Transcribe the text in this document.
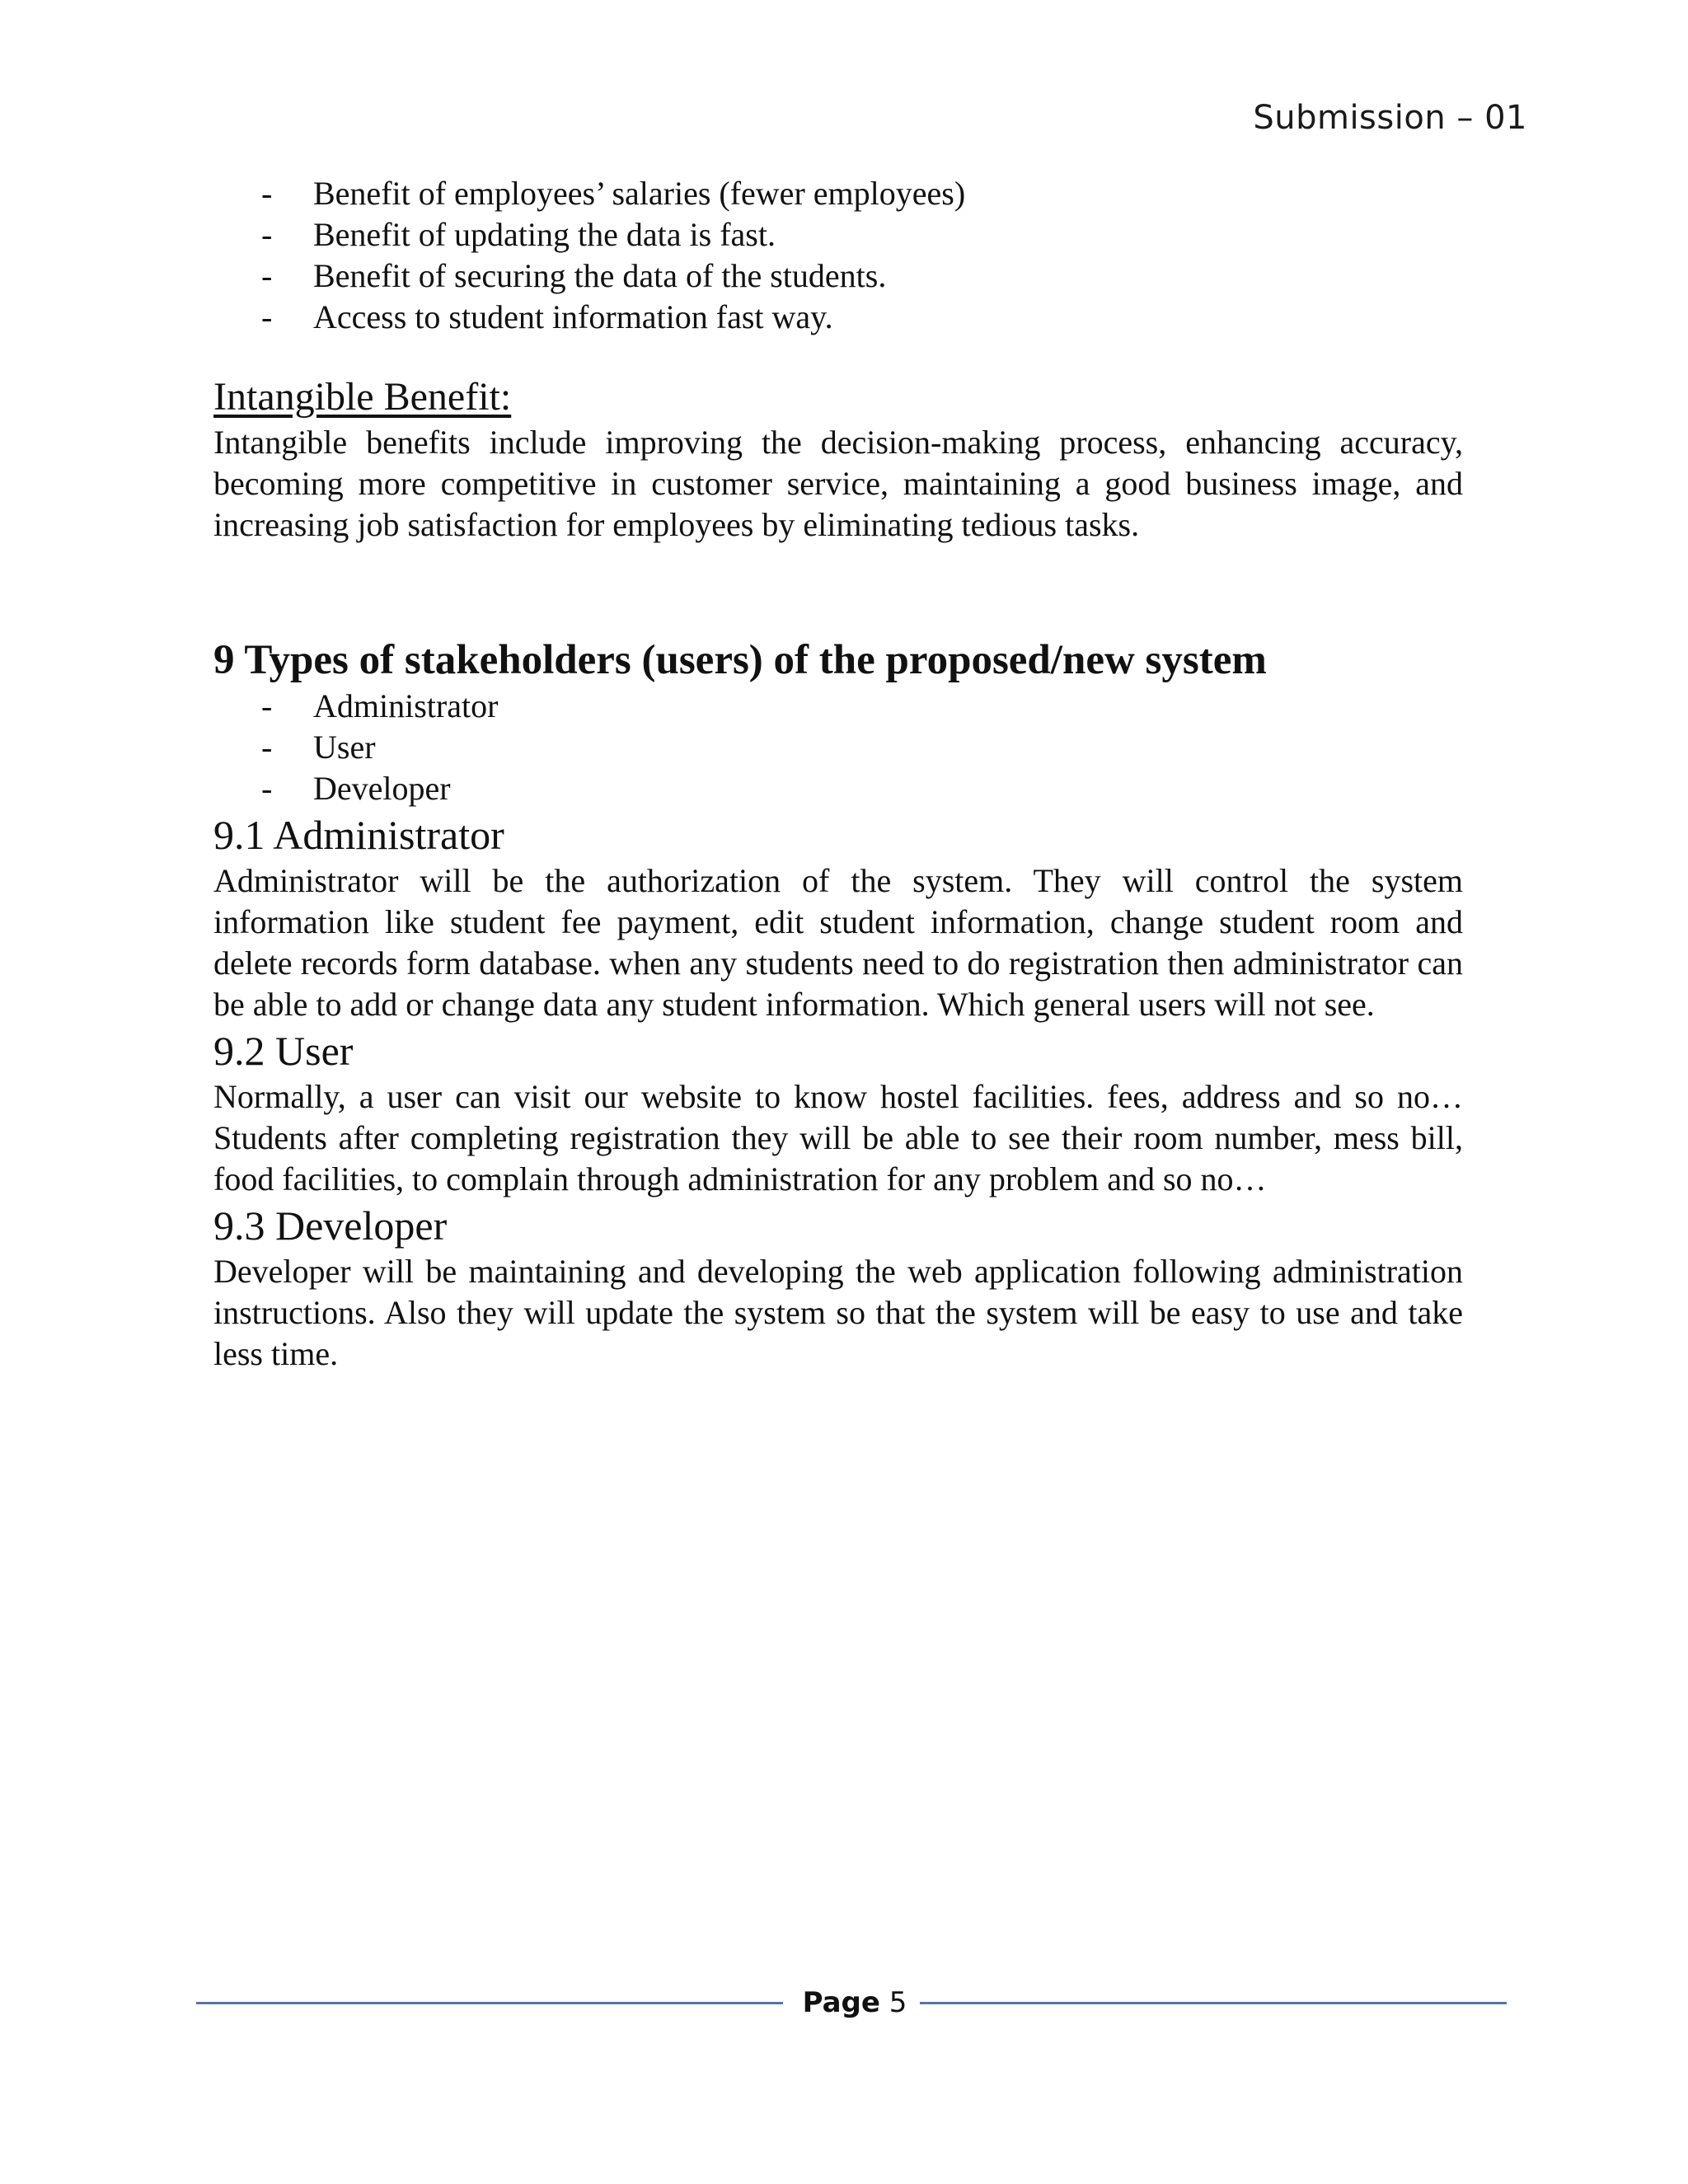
Submission – 01
- Benefit of employees’ salaries (fewer employees)
- Benefit of updating the data is fast.
- Benefit of securing the data of the students.
- Access to student information fast way.
Intangible Benefit:

Intangible benefits include improving the decision-making process, enhancing accuracy, becoming more competitive in customer service, maintaining a good business image, and increasing job satisfaction for employees by eliminating tedious tasks.

9 Types of stakeholders (users) of the proposed/new system
- Administrator
- User
- Developer
9.1 Administrator

Administrator will be the authorization of the system. They will control the system information like student fee payment, edit student information, change student room and delete records form database. when any students need to do registration then administrator can be able to add or change data any student information. Which general users will not see.

9.2 User

Normally, a user can visit our website to know hostel facilities. fees, address and so no… Students after completing registration they will be able to see their room number, mess bill, food facilities, to complain through administration for any problem and so no…

9.3 Developer

Developer will be maintaining and developing the web application following administration instructions. Also they will update the system so that the system will be easy to use and take less time.

Page 5
